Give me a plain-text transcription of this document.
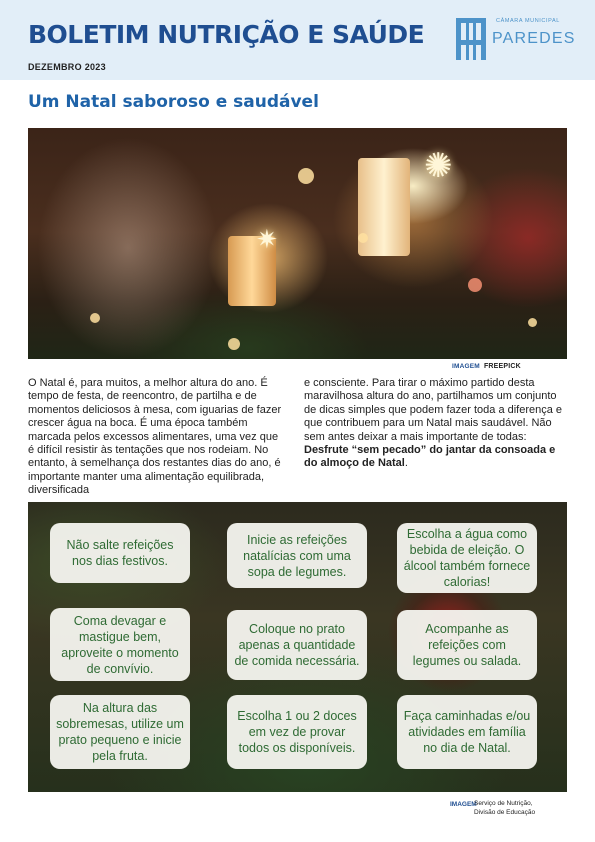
BOLETIM NUTRIÇÃO E SAÚDE
DEZEMBRO 2023
CÂMARA MUNICIPAL
PAREDES
Um Natal saboroso e saudável
✷
✺
IMAGEM FREEPICK

O Natal é, para muitos, a melhor altura do ano. É tempo de festa, de reencontro, de partilha e de momentos deliciosos à mesa, com iguarias de fazer crescer água na boca. É uma época também marcada pelos excessos alimentares, uma vez que é difícil resistir às tentações que nos rodeiam. No entanto, à semelhança dos restantes dias do ano, é importante manter uma alimentação equilibrada, diversificada

e consciente. Para tirar o máximo partido desta maravilhosa altura do ano, partilhamos um conjunto de dicas simples que podem fazer toda a diferença e que contribuem para um Natal mais saudável. Não sem antes deixar a mais importante de todas: Desfrute “sem pecado” do jantar da consoada e do almoço de Natal.

Não salte refeições nos dias festivos.
Inicie as refeições natalícias com uma sopa de legumes.
Escolha a água como bebida de eleição. O álcool também fornece calorias!
Coma devagar e mastigue bem, aproveite o momento de convívio.
Coloque no prato apenas a quantidade de comida necessária.
Acompanhe as refeições com legumes ou salada.
Na altura das sobremesas, utilize um prato pequeno e inicie pela fruta.
Escolha 1 ou 2 doces em vez de provar todos os disponíveis.
Faça caminhadas e/ou atividades em família no dia de Natal.
IMAGEM
Serviço de Nutrição,
Divisão de Educação
